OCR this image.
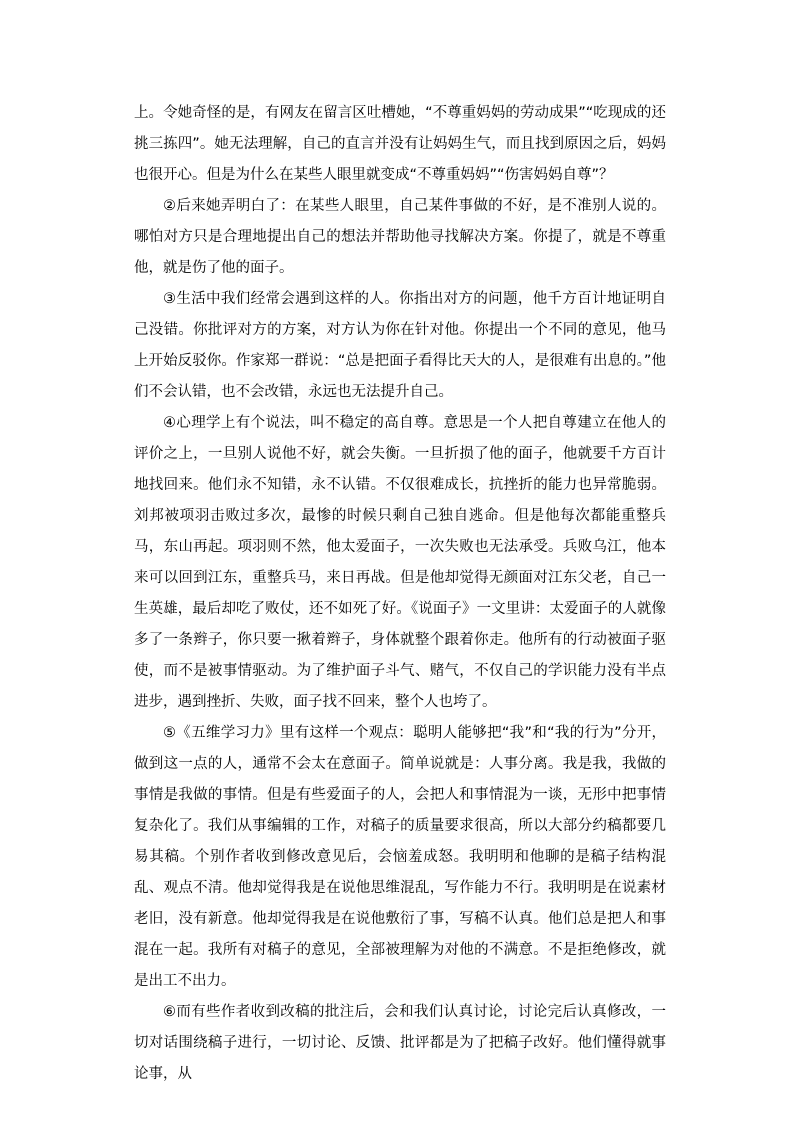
上。令她奇怪的是，有网友在留言区吐槽她，“不尊重妈妈的劳动成果”“吃现成的还挑三拣四”。她无法理解，自己的直言并没有让妈妈生气，而且找到原因之后，妈妈也很开心。但是为什么在某些人眼里就变成“不尊重妈妈”“伤害妈妈自尊”？

②后来她弄明白了：在某些人眼里，自己某件事做的不好，是不准别人说的。哪怕对方只是合理地提出自己的想法并帮助他寻找解决方案。你提了，就是不尊重他，就是伤了他的面子。

③生活中我们经常会遇到这样的人。你指出对方的问题，他千方百计地证明自己没错。你批评对方的方案，对方认为你在针对他。你提出一个不同的意见，他马上开始反驳你。作家郑一群说：“总是把面子看得比天大的人，是很难有出息的。”他们不会认错，也不会改错，永远也无法提升自己。

④心理学上有个说法，叫不稳定的高自尊。意思是一个人把自尊建立在他人的评价之上，一旦别人说他不好，就会失衡。一旦折损了他的面子，他就要千方百计地找回来。他们永不知错，永不认错。不仅很难成长，抗挫折的能力也异常脆弱。刘邦被项羽击败过多次，最惨的时候只剩自己独自逃命。但是他每次都能重整兵马，东山再起。项羽则不然，他太爱面子，一次失败也无法承受。兵败乌江，他本来可以回到江东，重整兵马，来日再战。但是他却觉得无颜面对江东父老，自己一生英雄，最后却吃了败仗，还不如死了好。《说面子》一文里讲：太爱面子的人就像多了一条辫子，你只要一揪着辫子，身体就整个跟着你走。他所有的行动被面子驱使，而不是被事情驱动。为了维护面子斗气、赌气，不仅自己的学识能力没有半点进步，遇到挫折、失败，面子找不回来，整个人也垮了。

⑤《五维学习力》里有这样一个观点：聪明人能够把“我”和“我的行为”分开，做到这一点的人，通常不会太在意面子。简单说就是：人事分离。我是我，我做的事情是我做的事情。但是有些爱面子的人，会把人和事情混为一谈，无形中把事情复杂化了。我们从事编辑的工作，对稿子的质量要求很高，所以大部分约稿都要几易其稿。个别作者收到修改意见后，会恼羞成怒。我明明和他聊的是稿子结构混乱、观点不清。他却觉得我是在说他思维混乱，写作能力不行。我明明是在说素材老旧，没有新意。他却觉得我是在说他敷衍了事，写稿不认真。他们总是把人和事混在一起。我所有对稿子的意见，全部被理解为对他的不满意。不是拒绝修改，就是出工不出力。

⑥而有些作者收到改稿的批注后，会和我们认真讨论，讨论完后认真修改，一切对话围绕稿子进行，一切讨论、反馈、批评都是为了把稿子改好。他们懂得就事论事，从
